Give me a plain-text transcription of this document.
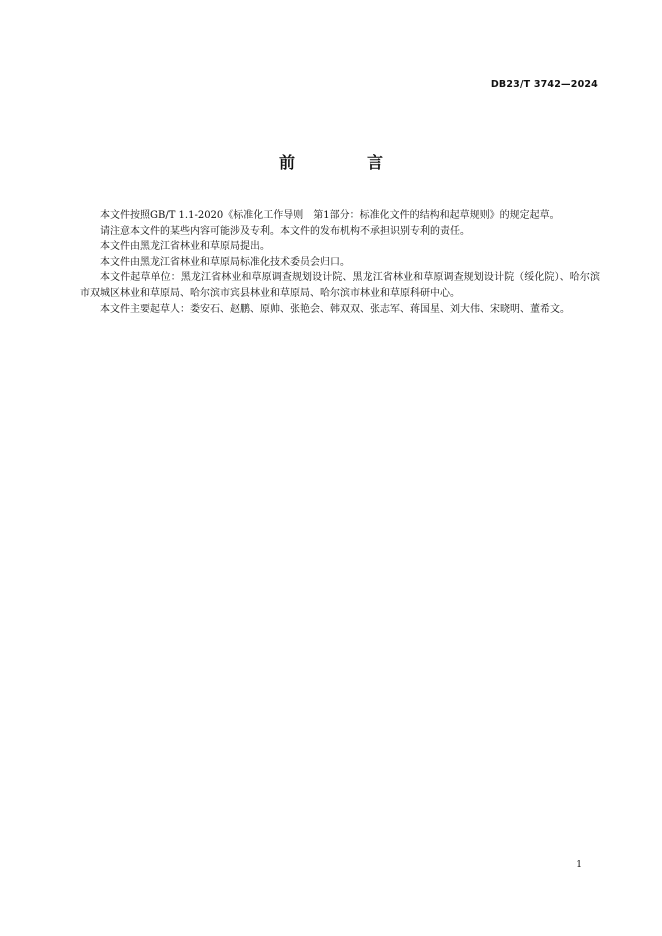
DB23/T 3742—2024
前　言

本文件按照GB/T 1.1-2020《标准化工作导则　第1部分：标准化文件的结构和起草规则》的规定起草。

请注意本文件的某些内容可能涉及专利。本文件的发布机构不承担识别专利的责任。

本文件由黑龙江省林业和草原局提出。

本文件由黑龙江省林业和草原局标准化技术委员会归口。

本文件起草单位：黑龙江省林业和草原调查规划设计院、黑龙江省林业和草原调查规划设计院（绥化院）、哈尔滨市双城区林业和草原局、哈尔滨市宾县林业和草原局、哈尔滨市林业和草原科研中心。

本文件主要起草人：娄安石、赵鹏、原帅、张艳会、韩双双、张志军、蒋国星、刘大伟、宋晓明、董希文。

1
